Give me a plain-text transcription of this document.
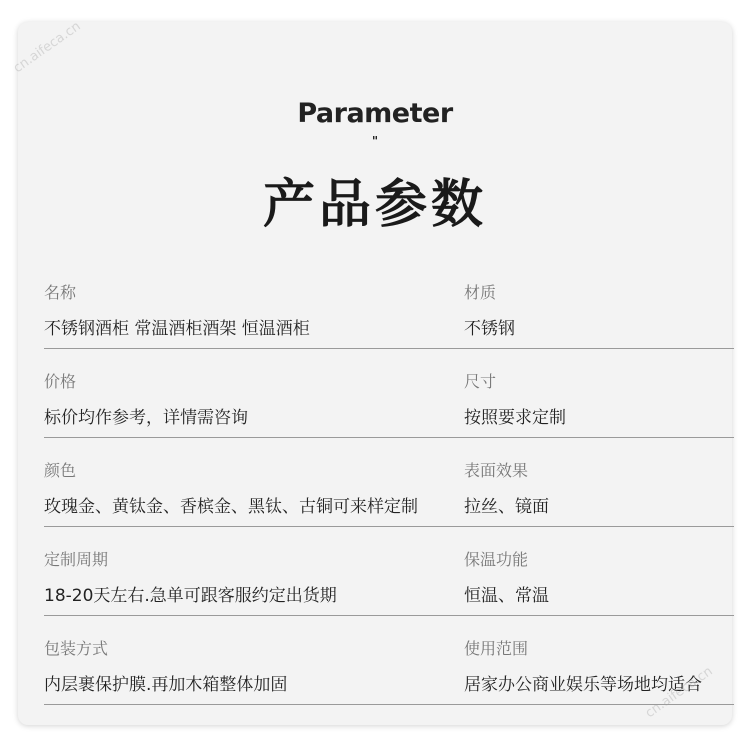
Parameter
"
产品参数
名称
不锈钢酒柜 常温酒柜酒架 恒温酒柜
材质
不锈钢
价格
标价均作参考，详情需咨询
尺寸
按照要求定制
颜色
玫瑰金、黄钛金、香槟金、黑钛、古铜可来样定制
表面效果
拉丝、镜面
定制周期
18-20天左右.急单可跟客服约定出货期
保温功能
恒温、常温
包装方式
内层裹保护膜.再加木箱整体加固
使用范围
居家办公商业娱乐等场地均适合
cn.aifeca.cn
cn.aifeca.cn
